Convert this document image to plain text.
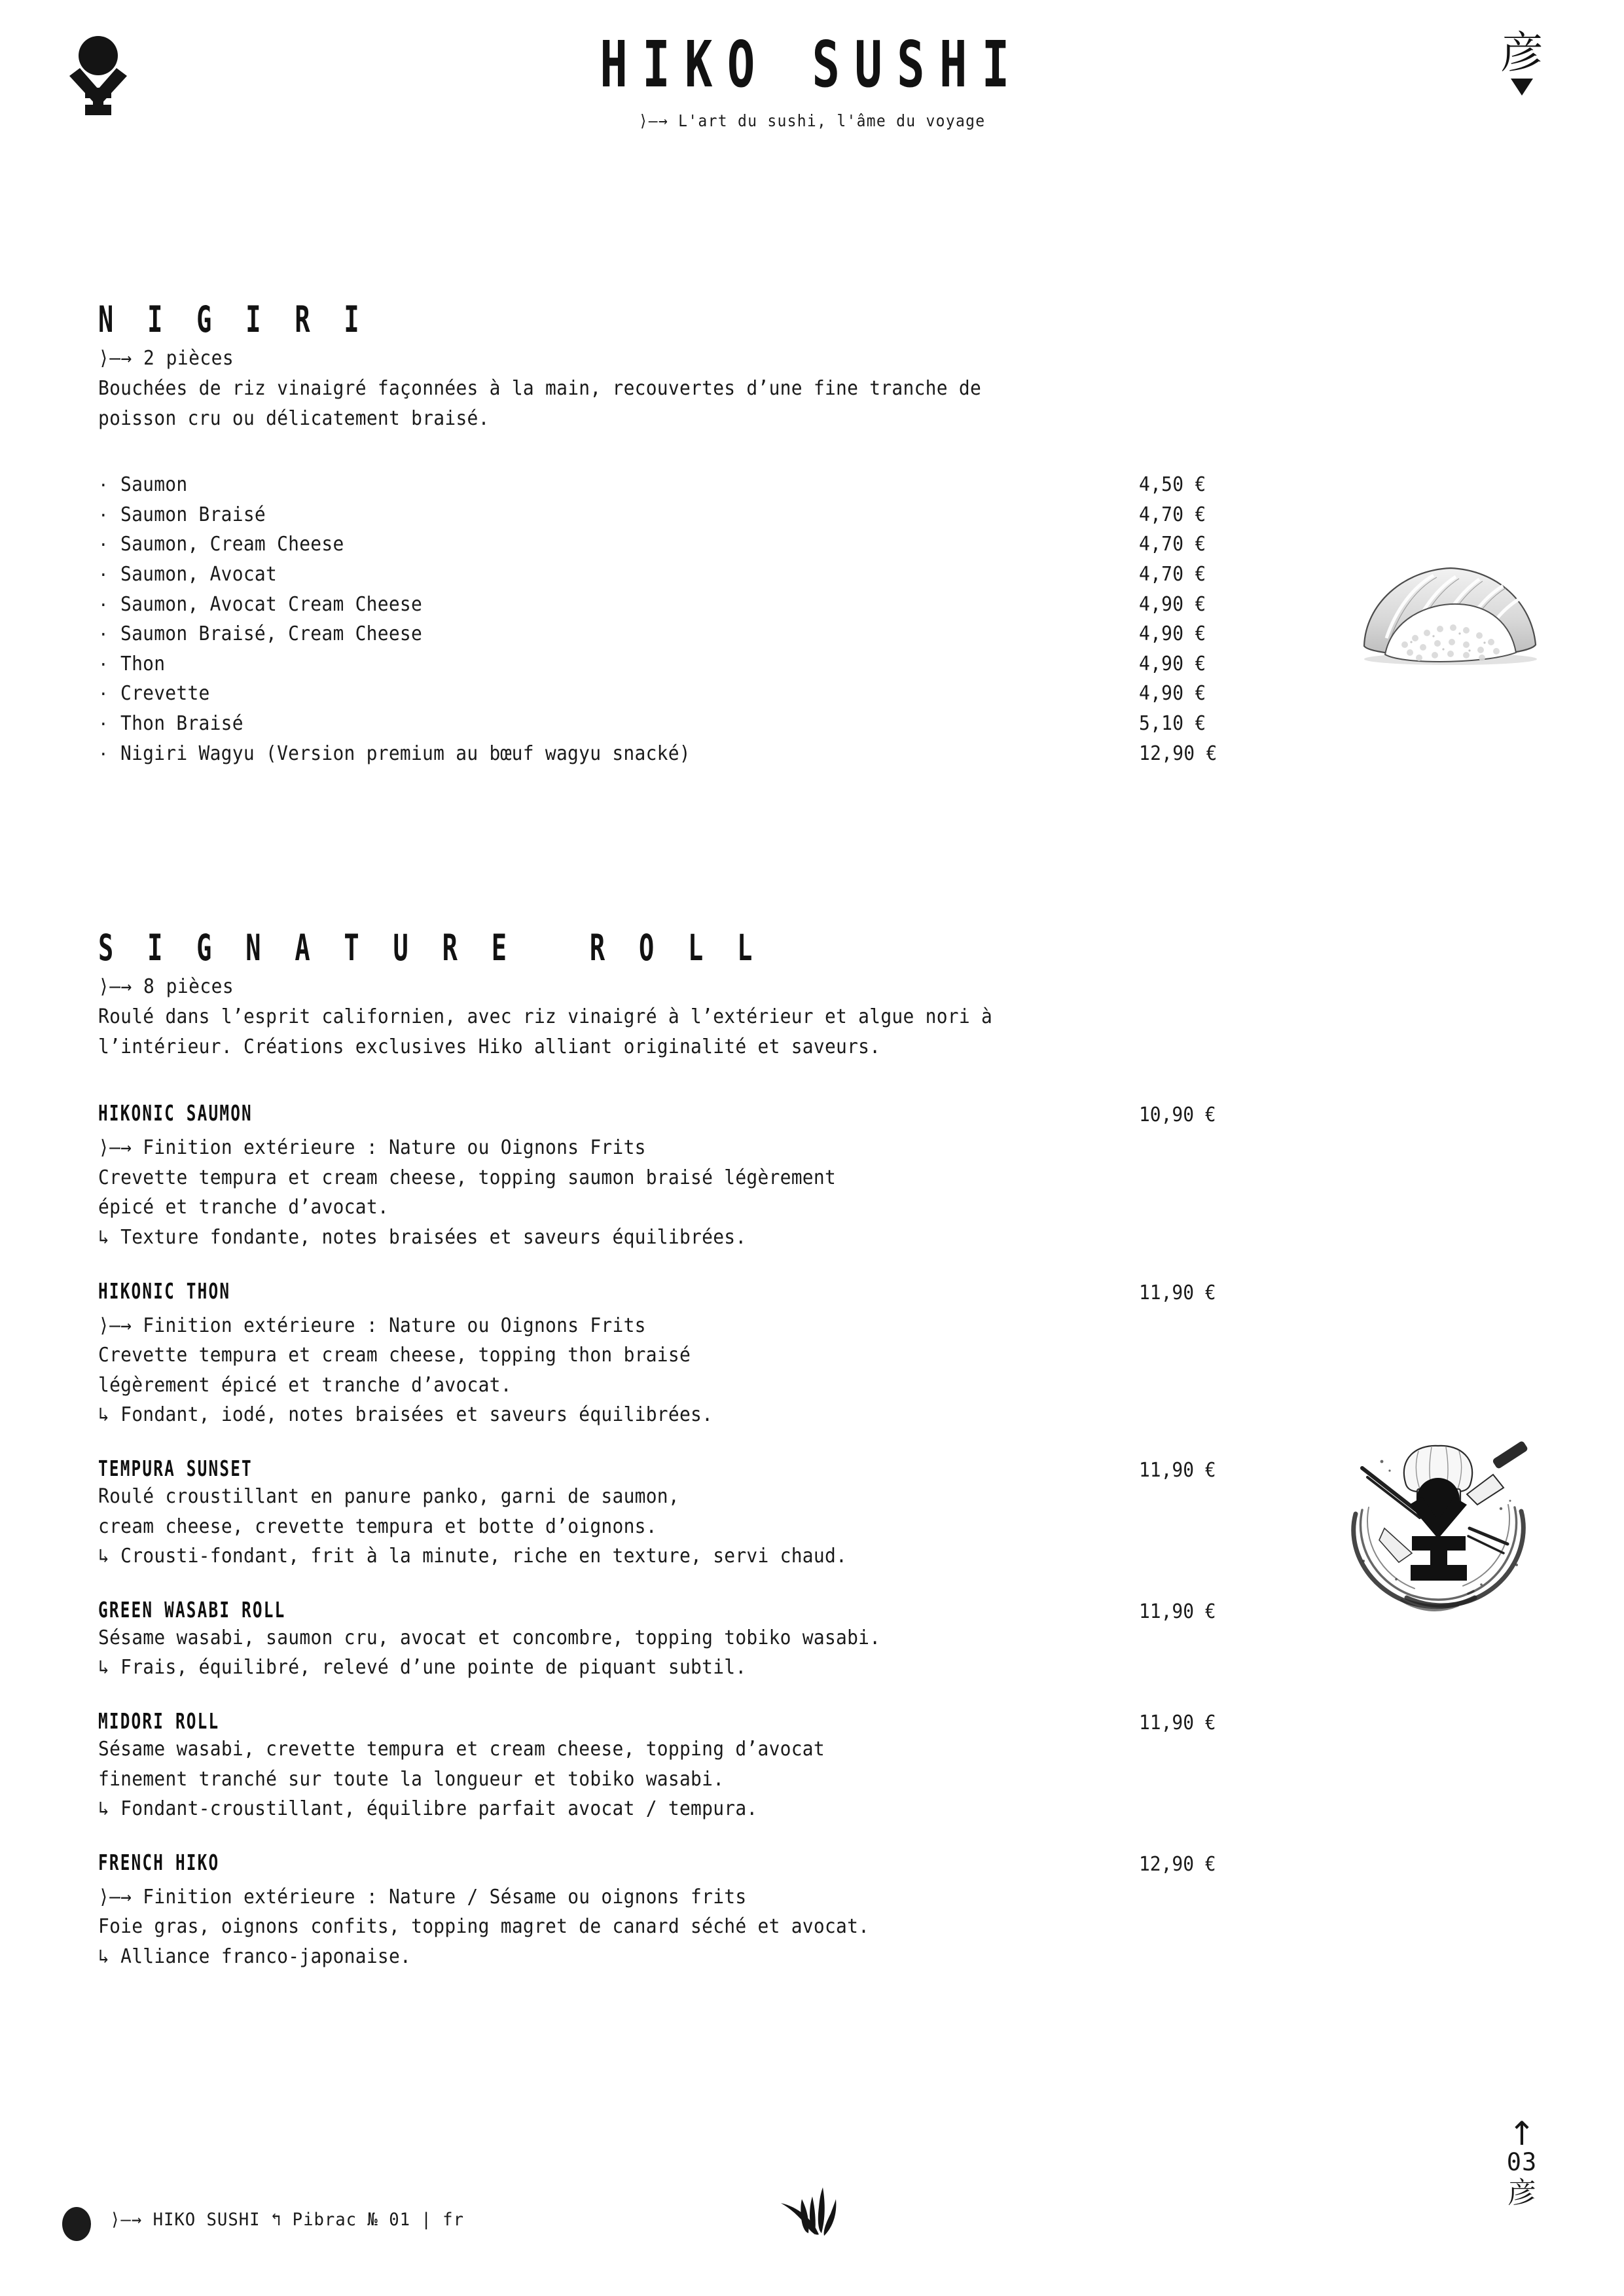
HIKO SUSHI
⟩—→ L'art du sushi, l'âme du voyage
彦
N I G I R I
⟩—→ 2 pièces
Bouchées de riz vinaigré façonnées à la main, recouvertes d’une fine tranche de
poisson cru ou délicatement braisé.
· Saumon	4,50 €
· Saumon Braisé	4,70 €
· Saumon, Cream Cheese	4,70 €
· Saumon, Avocat	4,70 €
· Saumon, Avocat Cream Cheese	4,90 €
· Saumon Braisé, Cream Cheese	4,90 €
· Thon	4,90 €
· Crevette	4,90 €
· Thon Braisé	5,10 €
· Nigiri Wagyu (Version premium au bœuf wagyu snacké)	12,90 €
S I G N A T U R E   R O L L
⟩—→ 8 pièces
Roulé dans l’esprit californien, avec riz vinaigré à l’extérieur et algue nori à
l’intérieur. Créations exclusives Hiko alliant originalité et saveurs.
HIKONIC SAUMON	10,90 €
⟩—→ Finition extérieure : Nature ou Oignons Frits
Crevette tempura et cream cheese, topping saumon braisé légèrement
épicé et tranche d’avocat.
↳ Texture fondante, notes braisées et saveurs équilibrées.
HIKONIC THON	11,90 €
⟩—→ Finition extérieure : Nature ou Oignons Frits
Crevette tempura et cream cheese, topping thon braisé
légèrement épicé et tranche d’avocat.
↳ Fondant, iodé, notes braisées et saveurs équilibrées.
TEMPURA SUNSET	11,90 €
Roulé croustillant en panure panko, garni de saumon,
cream cheese, crevette tempura et botte d’oignons.
↳ Crousti-fondant, frit à la minute, riche en texture, servi chaud.
GREEN WASABI ROLL	11,90 €
Sésame wasabi, saumon cru, avocat et concombre, topping tobiko wasabi.
↳ Frais, équilibré, relevé d’une pointe de piquant subtil.
MIDORI ROLL	11,90 €
Sésame wasabi, crevette tempura et cream cheese, topping d’avocat
finement tranché sur toute la longueur et tobiko wasabi.
↳ Fondant-croustillant, équilibre parfait avocat / tempura.
FRENCH HIKO	12,90 €
⟩—→ Finition extérieure : Nature / Sésame ou oignons frits
Foie gras, oignons confits, topping magret de canard séché et avocat.
↳ Alliance franco-japonaise.
⟩—→ HIKO SUSHI ↰ Pibrac № 01 | fr
↑
03
彦
